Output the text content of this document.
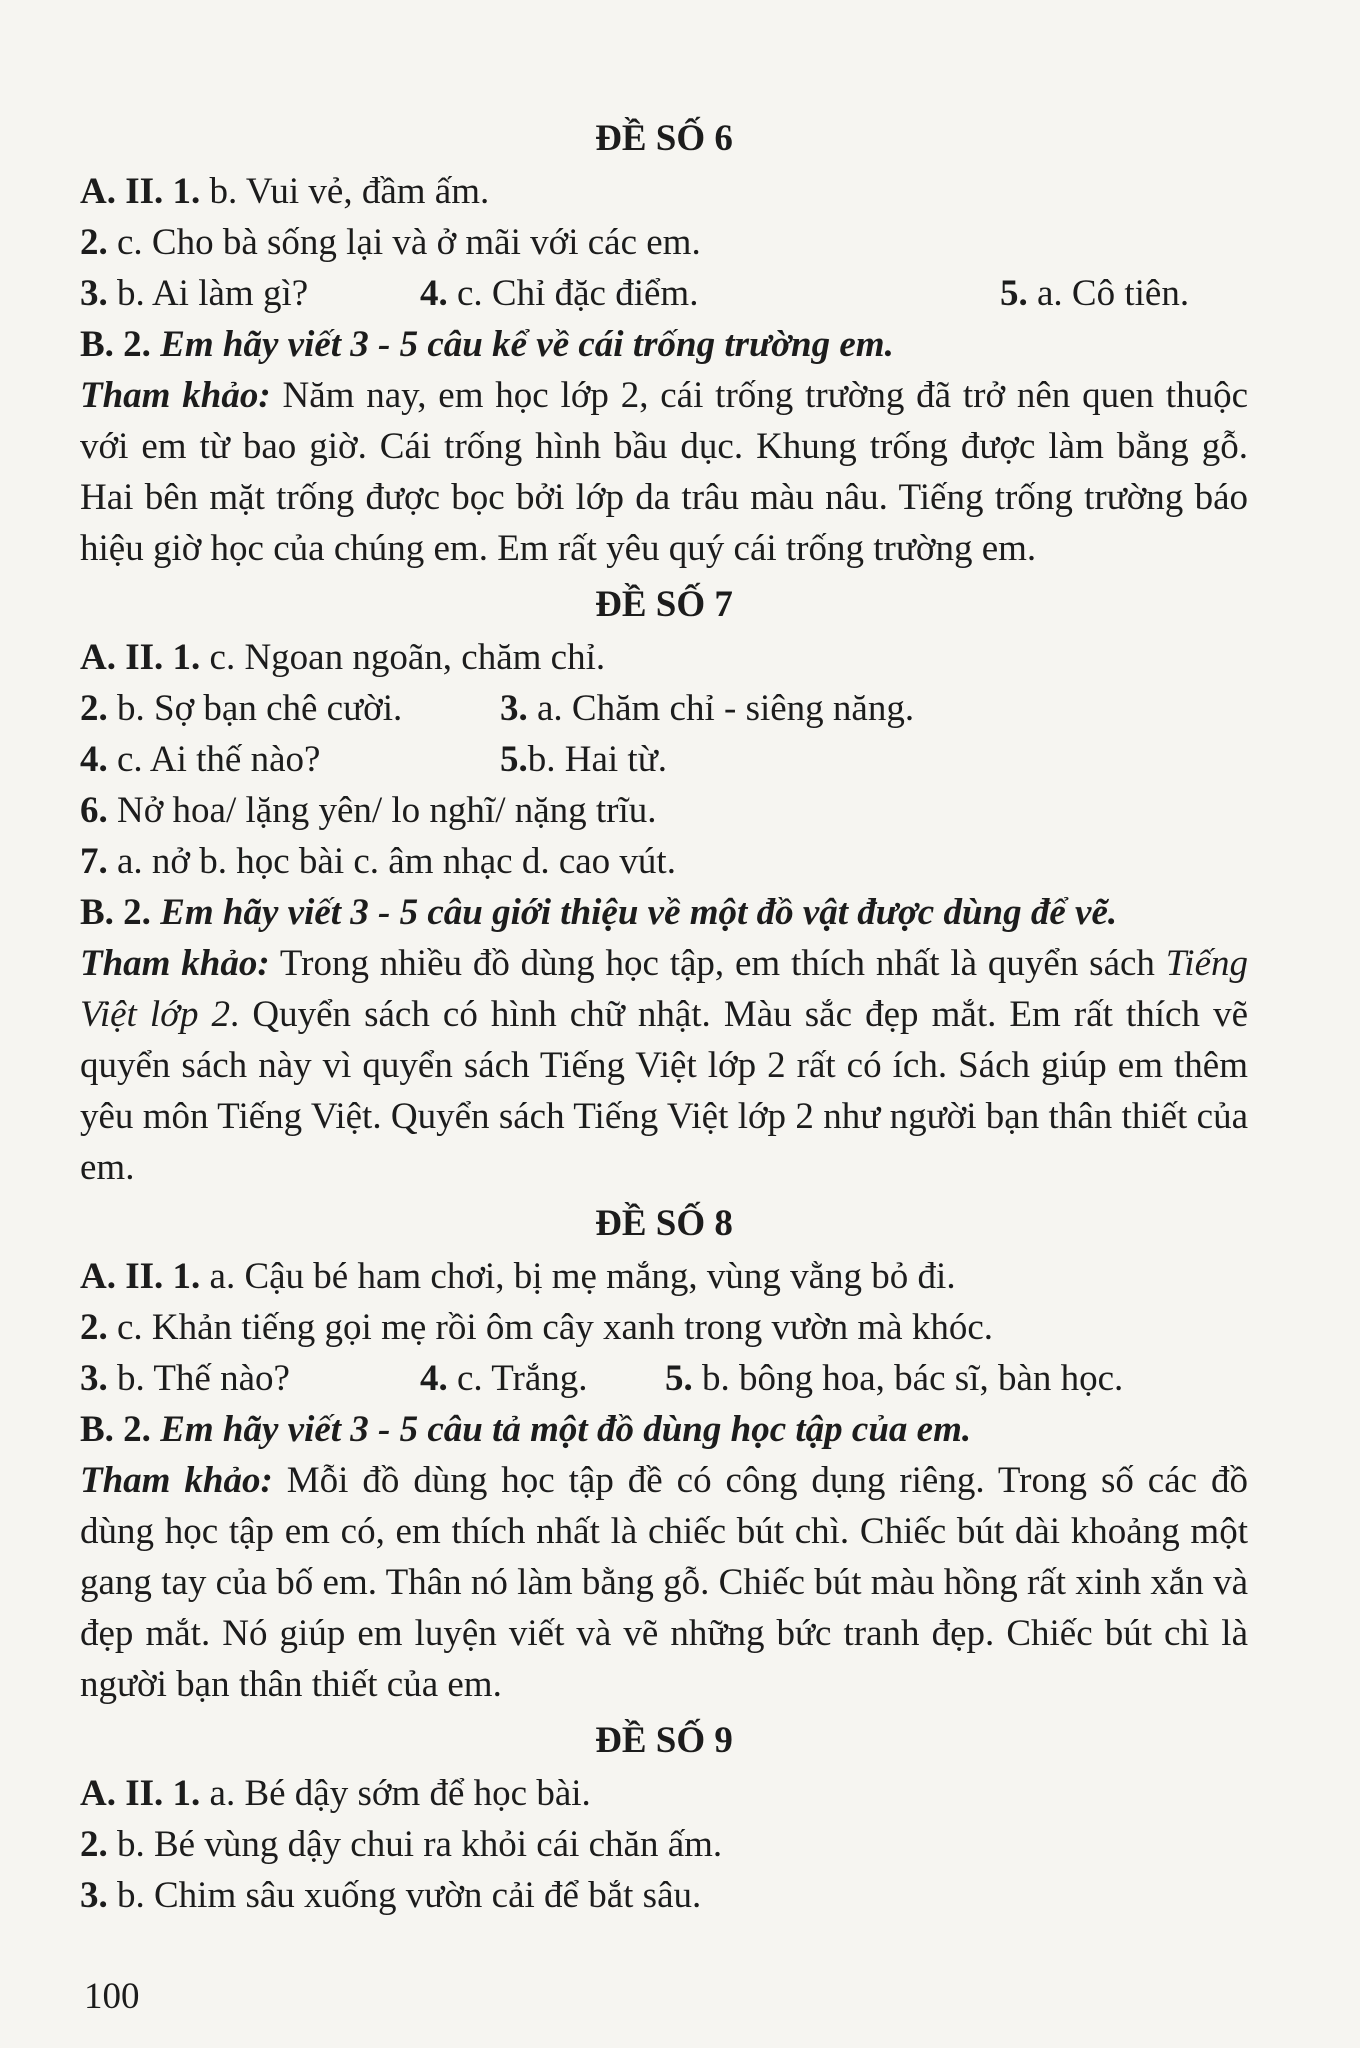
ĐỀ SỐ 6
A. II. 1. b. Vui vẻ, đầm ấm.
2. c. Cho bà sống lại và ở mãi với các em.
3. b. Ai làm gì?	4. c. Chỉ đặc điểm.	5. a. Cô tiên.
B. 2. Em hãy viết 3 - 5 câu kể về cái trống trường em.
Tham khảo: Năm nay, em học lớp 2, cái trống trường đã trở nên quen thuộc với em từ bao giờ. Cái trống hình bầu dục. Khung trống được làm bằng gỗ. Hai bên mặt trống được bọc bởi lớp da trâu màu nâu. Tiếng trống trường báo hiệu giờ học của chúng em. Em rất yêu quý cái trống trường em.
ĐỀ SỐ 7
A. II. 1. c. Ngoan ngoãn, chăm chỉ.
2. b. Sợ bạn chê cười.	3. a. Chăm chỉ - siêng năng.
4. c. Ai thế nào?	5.b. Hai từ.
6. Nở hoa/ lặng yên/ lo nghĩ/ nặng trĩu.
7. a. nở b. học bài c. âm nhạc d. cao vút.
B. 2. Em hãy viết 3 - 5 câu giới thiệu về một đồ vật được dùng để vẽ.
Tham khảo: Trong nhiều đồ dùng học tập, em thích nhất là quyển sách Tiếng Việt lớp 2. Quyển sách có hình chữ nhật. Màu sắc đẹp mắt. Em rất thích vẽ quyển sách này vì quyển sách Tiếng Việt lớp 2 rất có ích. Sách giúp em thêm yêu môn Tiếng Việt. Quyển sách Tiếng Việt lớp 2 như người bạn thân thiết của em.
ĐỀ SỐ 8
A. II. 1. a. Cậu bé ham chơi, bị mẹ mắng, vùng vằng bỏ đi.
2. c. Khản tiếng gọi mẹ rồi ôm cây xanh trong vườn mà khóc.
3. b. Thế nào?	4. c. Trắng. 5. b. bông hoa, bác sĩ, bàn học.
B. 2. Em hãy viết 3 - 5 câu tả một đồ dùng học tập của em.
Tham khảo: Mỗi đồ dùng học tập đề có công dụng riêng. Trong số các đồ dùng học tập em có, em thích nhất là chiếc bút chì. Chiếc bút dài khoảng một gang tay của bố em. Thân nó làm bằng gỗ. Chiếc bút màu hồng rất xinh xắn và đẹp mắt. Nó giúp em luyện viết và vẽ những bức tranh đẹp. Chiếc bút chì là người bạn thân thiết của em.
ĐỀ SỐ 9
A. II. 1. a. Bé dậy sớm để học bài.
2. b. Bé vùng dậy chui ra khỏi cái chăn ấm.
3. b. Chim sâu xuống vườn cải để bắt sâu.
100
